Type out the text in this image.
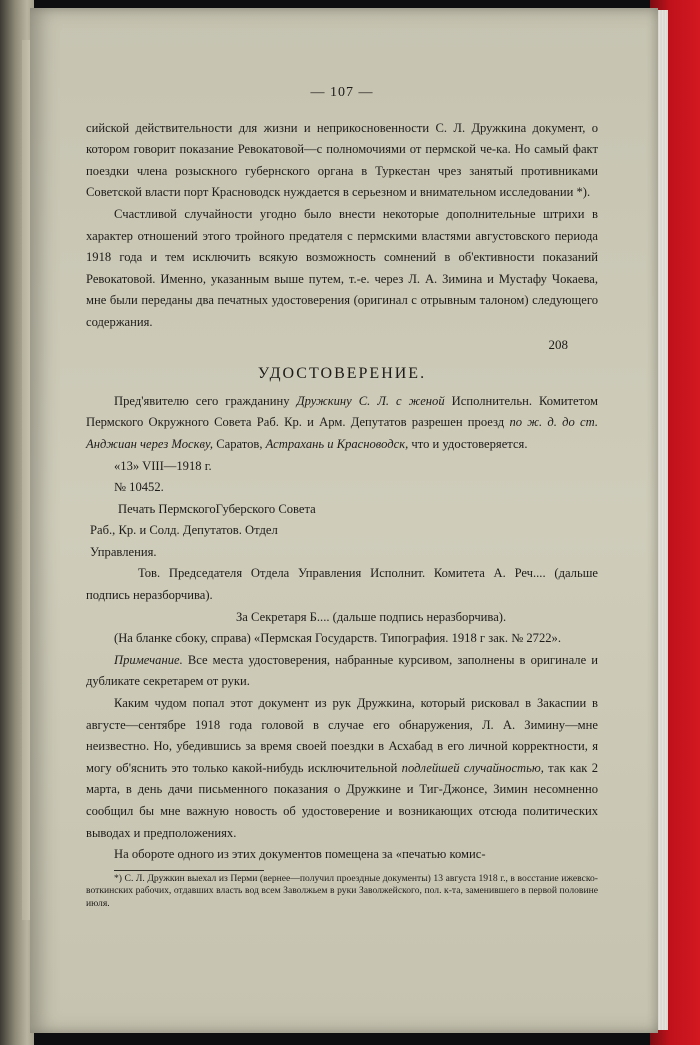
— 107 —

сийской действительности для жизни и неприкосновенности С. Л. Дружкина документ, о котором говорит показание Ревокатовой—с полномочиями от пермской че-ка. Но самый факт поездки члена розыскного губернского органа в Туркестан чрез занятый противниками Советской власти порт Красноводск нуждается в серьезном и внимательном исследовании *).

Счастливой случайности угодно было внести некоторые дополнительные штрихи в характер отношений этого тройного предателя с пермскими властями августовского периода 1918 года и тем исключить всякую возможность сомнений в об'ективности показаний Ревокатовой. Именно, указанным выше путем, т.-е. через Л. А. Зимина и Мустафу Чокаева, мне были переданы два печатных удостоверения (оригинал с отрывным талоном) следующего содержания.

208

УДОСТОВЕРЕНИЕ.

Пред'явителю сего гражданину Дружкину С. Л. с женой Исполнительн. Комитетом Пермского Окружного Совета Раб. Кр. и Арм. Депутатов разрешен проезд по ж. д. до ст. Анджиан через Москву, Саратов, Астрахань и Красноводск, что и удостоверяется.

«13» VIII—1918 г.

№ 10452.

Печать ПермскогоГуберского Совета Раб., Кр. и Солд. Депутатов. Отдел Управления.

Тов. Председателя Отдела Управления Исполнит. Комитета А. Реч.... (дальше подпись неразборчива).

За Секретаря Б.... (дальше подпись неразборчива).

(На бланке сбоку, справа) «Пермская Государств. Типография. 1918 г зак. № 2722».

Примечание. Все места удостоверения, набранные курсивом, заполнены в оригинале и дубликате секретарем от руки.

Каким чудом попал этот документ из рук Дружкина, который рисковал в Закаспии в августе—сентябре 1918 года головой в случае его обнаружения, Л. А. Зимину—мне неизвестно. Но, убедившись за время своей поездки в Асхабад в его личной корректности, я могу об'яснить это только какой-нибудь исключительной подлейшей случайностью, так как 2 марта, в день дачи письменного показания о Дружкине и Тиг-Джонсе, Зимин несомненно сообщил бы мне важную новость об удостоверение и возникающих отсюда политических выводах и предположениях.

На обороте одного из этих документов помещена за «печатью комис-

*) С. Л. Дружкин выехал из Перми (вернее—получил проездные документы) 13 августа 1918 г., в восстание ижевско-воткинских рабочих, отдавших власть вод всем Заволжьем в руки Заволжейского, пол. к-та, заменившего в первой половине июля.
